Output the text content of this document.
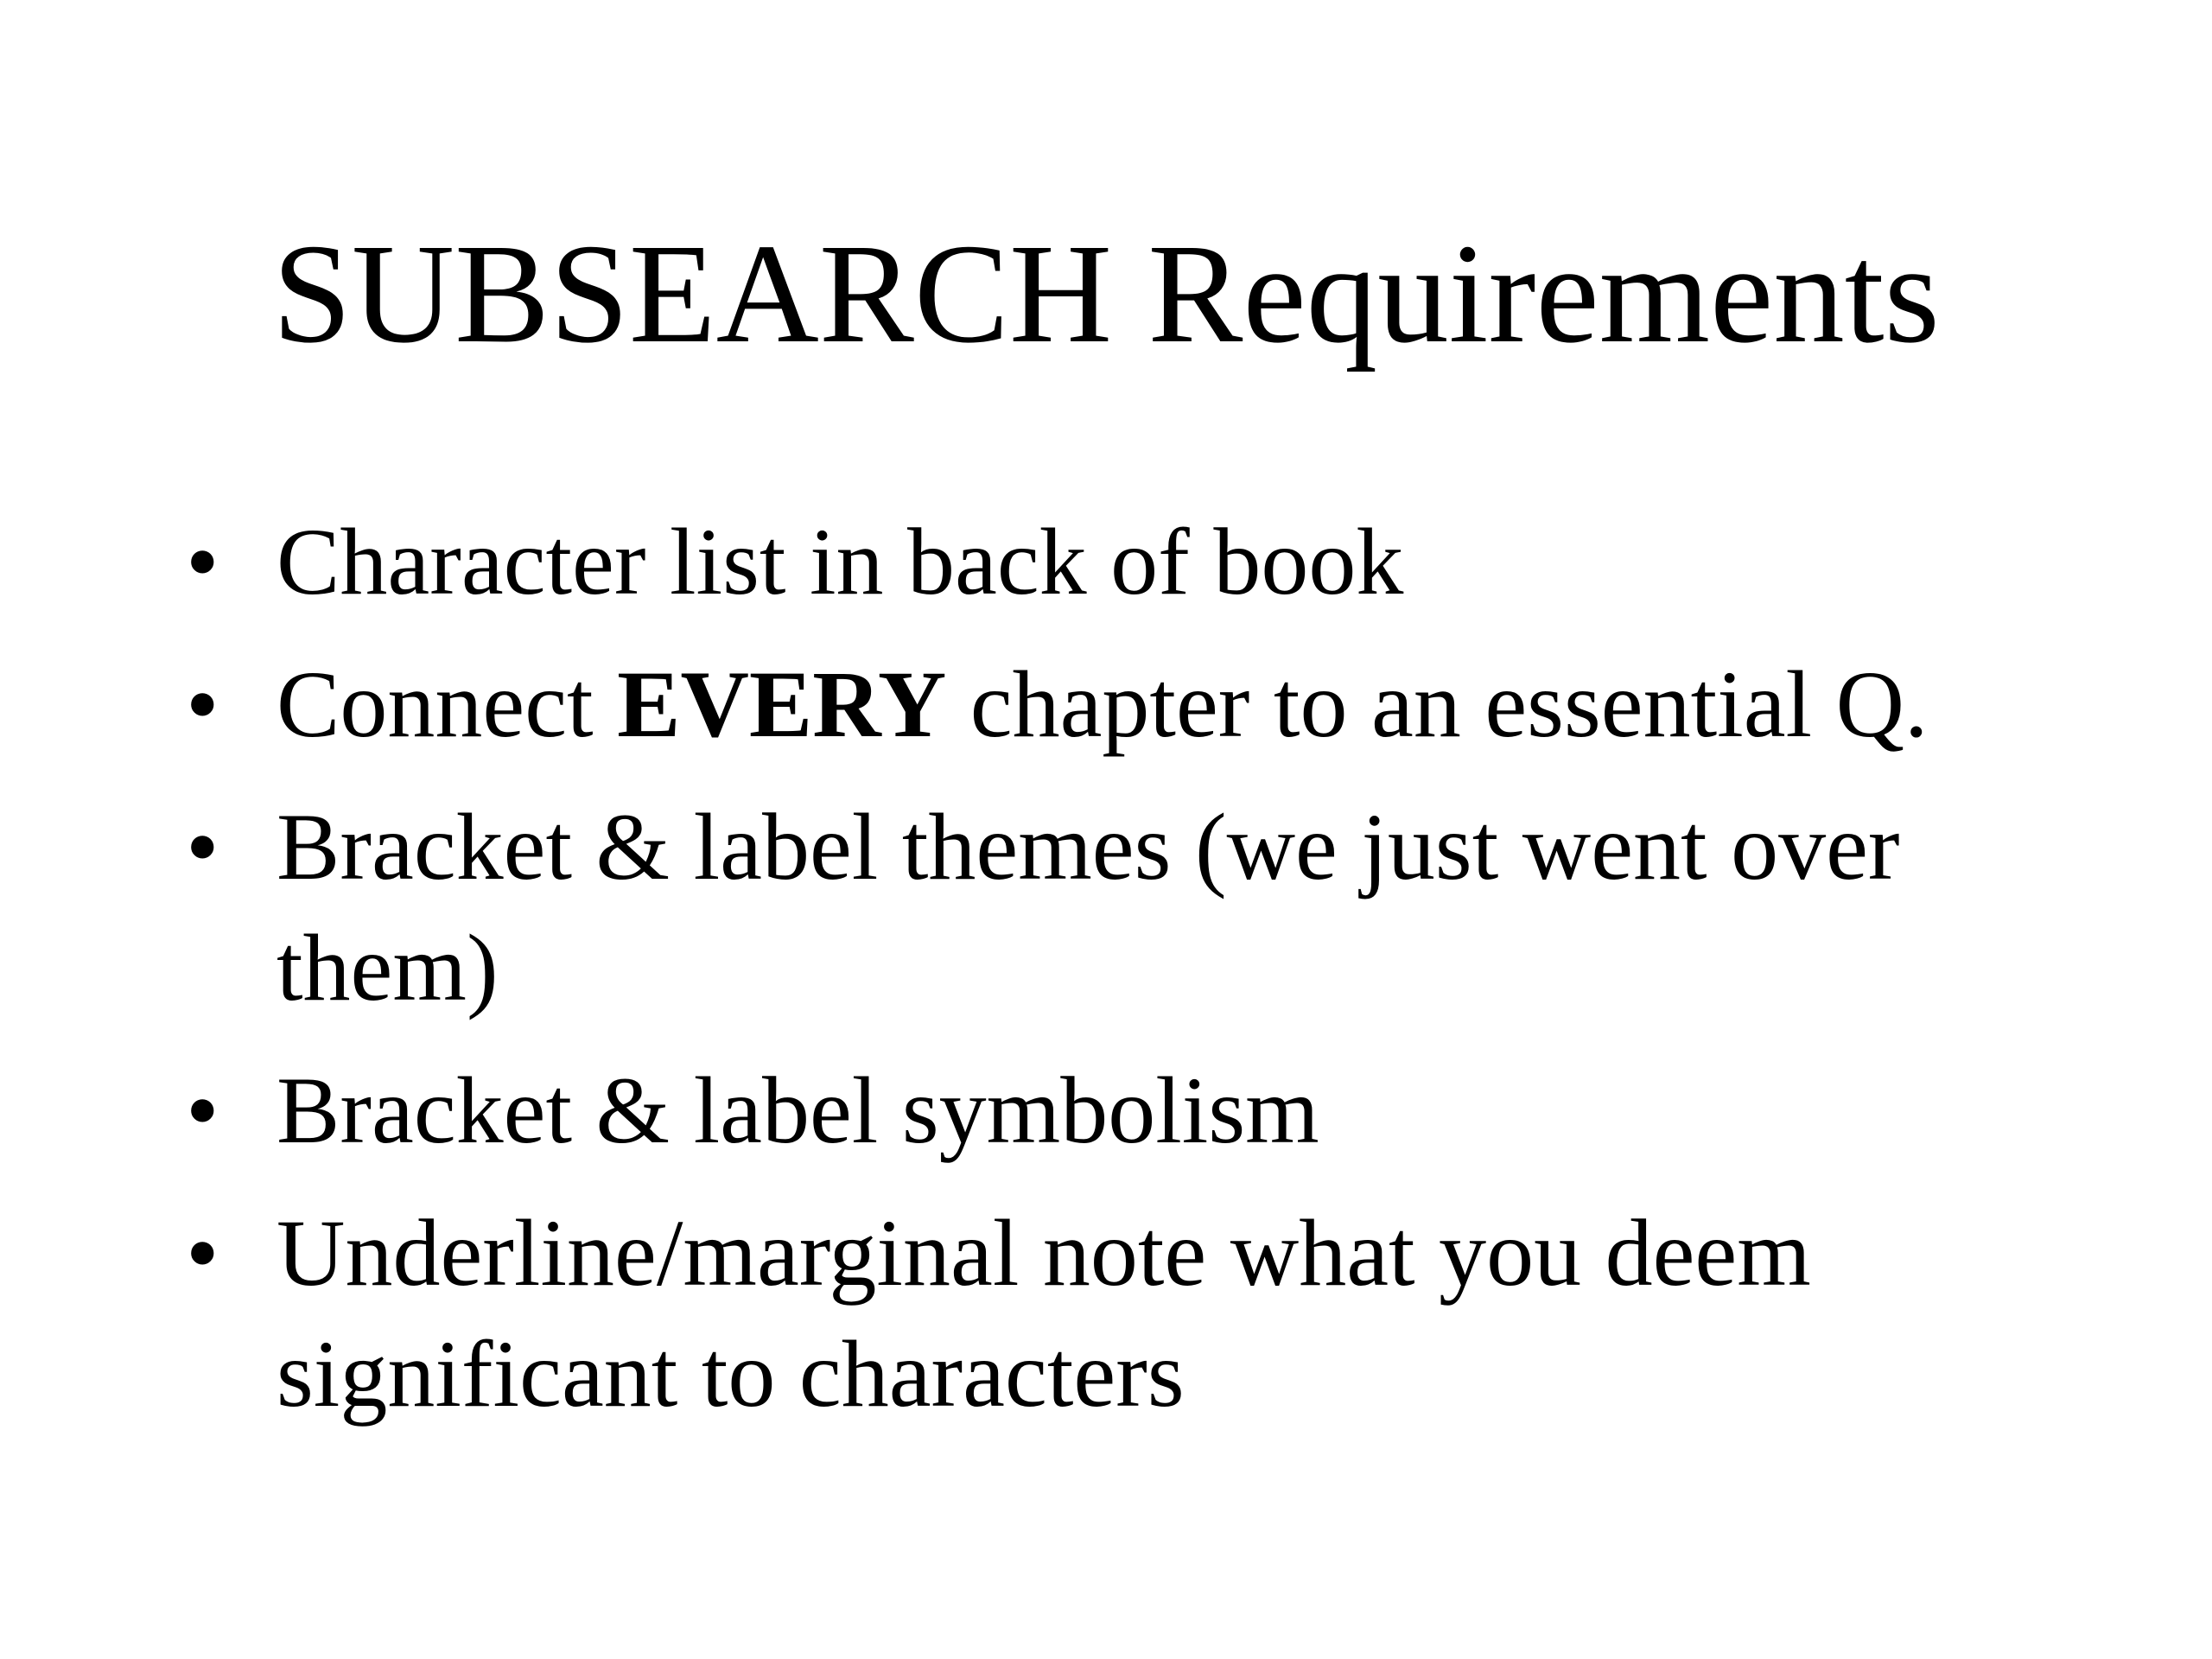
SUBSEARCH Requirements
• Character list in back of book
• Connect EVERY chapter to an essential Q.
• Bracket & label themes (we just went over
them)
• Bracket & label symbolism
• Underline/marginal note what you deem
significant to characters
